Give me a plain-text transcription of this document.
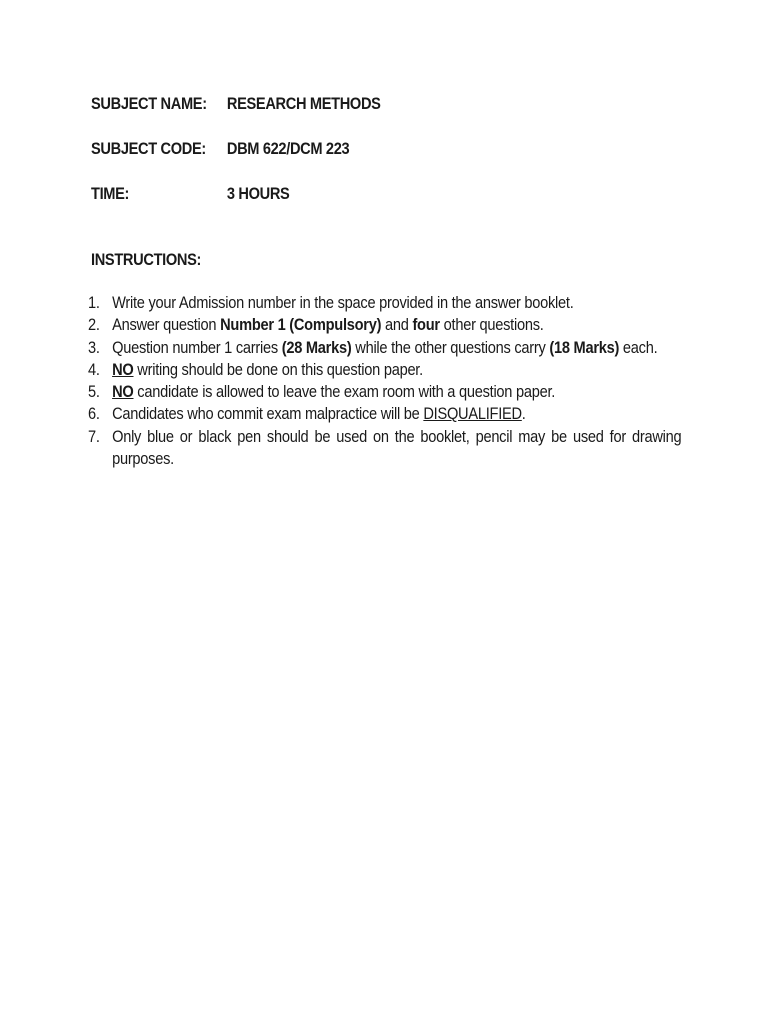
SUBJECT NAME: RESEARCH METHODS
SUBJECT CODE: DBM 622/DCM 223
TIME:	3 HOURS
INSTRUCTIONS:
1. Write your Admission number in the space provided in the answer booklet.
2. Answer question Number 1 (Compulsory) and four other questions.
3. Question number 1 carries (28 Marks) while the other questions carry (18 Marks) each.
4. NO writing should be done on this question paper.
5. NO candidate is allowed to leave the exam room with a question paper.
6. Candidates who commit exam malpractice will be DISQUALIFIED.
7. Only blue or black pen should be used on the booklet, pencil may be used for drawing purposes.
